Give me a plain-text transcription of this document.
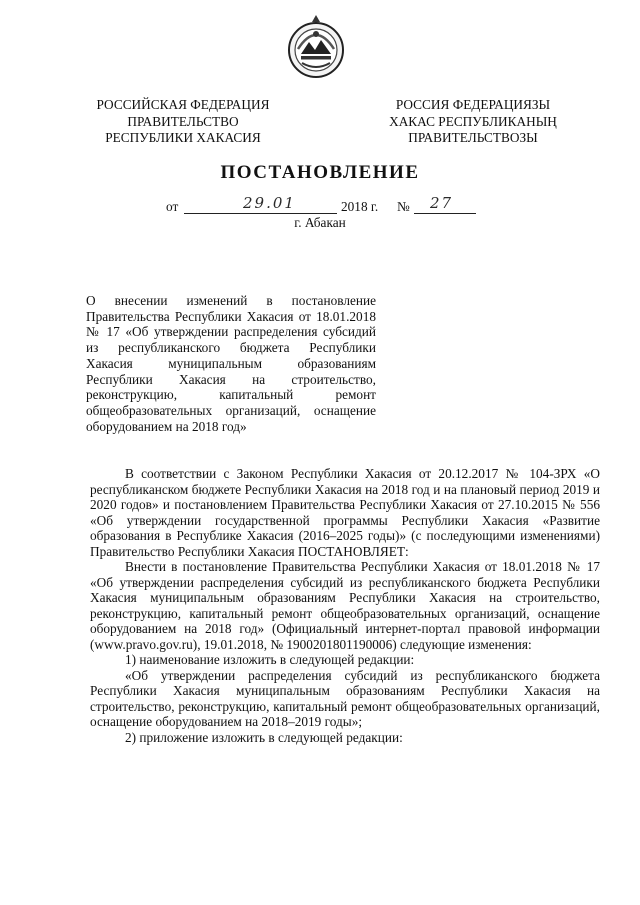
РОССИЙСКАЯ ФЕДЕРАЦИЯ
ПРАВИТЕЛЬСТВО
РЕСПУБЛИКИ ХАКАСИЯ
РОССИЯ ФЕДЕРАЦИЯЗЫ
ХАКАС РЕСПУБЛИКАНЫҢ
ПРАВИТЕЛЬСТВОЗЫ
ПОСТАНОВЛЕНИЕ
от	29.01	2018 г. № 27
г. Абакан
О внесении изменений в постановление Правительства Республики Хакасия от 18.01.2018 № 17 «Об утверждении распределения субсидий из республиканского бюджета Республики Хакасия муниципальным образованиям Республики Хакасия на строительство, реконструкцию, капитальный ремонт общеобразовательных организаций, оснащение оборудованием на 2018 год»

В соответствии с Законом Республики Хакасия от 20.12.2017 № 104-ЗРХ «О республиканском бюджете Республики Хакасия на 2018 год и на плановый период 2019 и 2020 годов» и постановлением Правительства Республики Хакасия от 27.10.2015 № 556 «Об утверждении государственной программы Республики Хакасия «Развитие образования в Республике Хакасия (2016–2025 годы)» (с последующими изменениями) Правительство Республики Хакасия ПОСТАНОВЛЯЕТ:

Внести в постановление Правительства Республики Хакасия от 18.01.2018 № 17 «Об утверждении распределения субсидий из республиканского бюджета Республики Хакасия муниципальным образованиям Республики Хакасия на строительство, реконструкцию, капитальный ремонт общеобразовательных организаций, оснащение оборудованием на 2018 год» (Официальный интернет-портал правовой информации (www.pravo.gov.ru), 19.01.2018, № 1900201801190006) следующие изменения:

1) наименование изложить в следующей редакции:

«Об утверждении распределения субсидий из республиканского бюджета Республики Хакасия муниципальным образованиям Республики Хакасия на строительство, реконструкцию, капитальный ремонт общеобразовательных организаций, оснащение оборудованием на 2018–2019 годы»;

2) приложение изложить в следующей редакции:
